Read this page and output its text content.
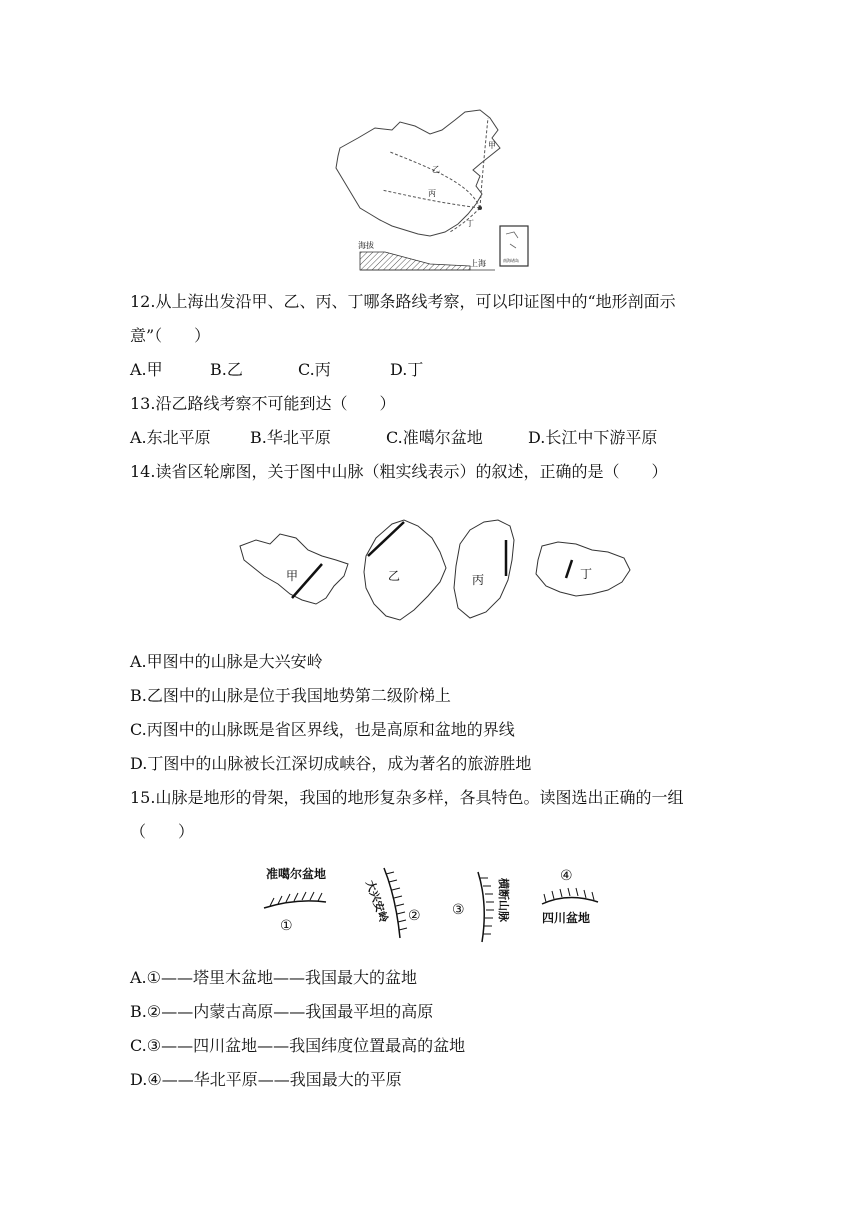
甲
乙
丙
丁
南海诸岛
海拔
上海
12.从上海出发沿甲、乙、丙、丁哪条路线考察，可以印证图中的“地形剖面示
意”（　　）
A.甲	B.乙	C.丙	D.丁
13.沿乙路线考察不可能到达（　　）
A.东北平原 B.华北平原	C.准噶尔盆地	D.长江中下游平原
14.读省区轮廓图，关于图中山脉（粗实线表示）的叙述，正确的是（　　）
甲	乙	丙	丁
A.甲图中的山脉是大兴安岭
B.乙图中的山脉是位于我国地势第二级阶梯上
C.丙图中的山脉既是省区界线，也是高原和盆地的界线
D.丁图中的山脉被长江深切成峡谷，成为著名的旅游胜地
15.山脉是地形的骨架，我国的地形复杂多样，各具特色。读图选出正确的一组
（　　）
准噶尔盆地
①
大兴安岭 ② ③	横断山脉
④
四川盆地
A.①——塔里木盆地——我国最大的盆地
B.②——内蒙古高原——我国最平坦的高原
C.③——四川盆地——我国纬度位置最高的盆地
D.④——华北平原——我国最大的平原
